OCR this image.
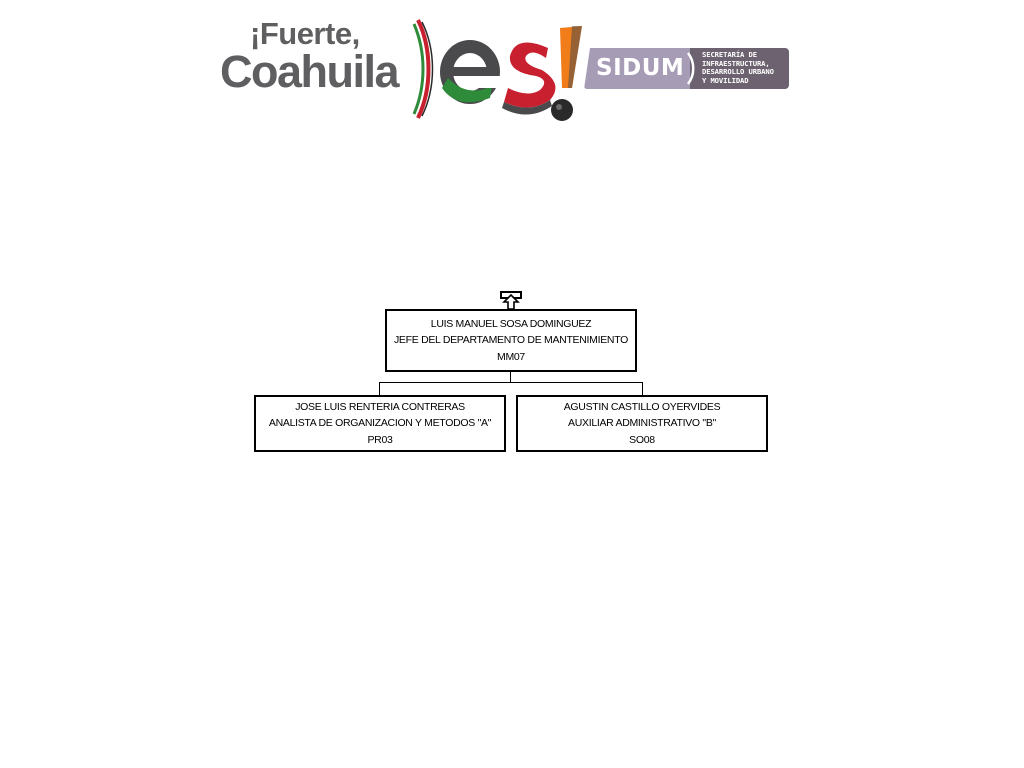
¡Fuerte,
Coahuila	SIDUM
SECRETARÍA DE
INFRAESTRUCTURA,
DESARROLLO URBANO
Y MOVILIDAD
LUIS MANUEL SOSA DOMINGUEZ
JEFE DEL DEPARTAMENTO DE MANTENIMIENTO
MM07
JOSE LUIS RENTERIA CONTRERAS
ANALISTA DE ORGANIZACION Y METODOS "A"
PR03
AGUSTIN CASTILLO OYERVIDES
AUXILIAR ADMINISTRATIVO "B"
SO08
